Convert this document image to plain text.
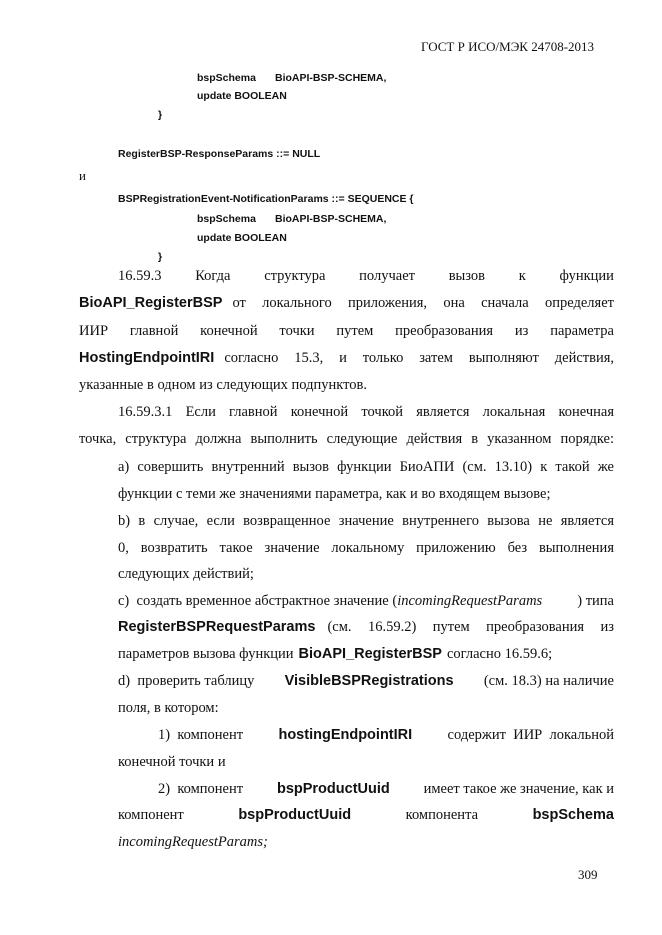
ГОСТ Р ИСО/МЭК 24708-2013
bspSchema BioAPI-BSP-SCHEMA,
update BOOLEAN
}
RegisterBSP-ResponseParams ::= NULL
и
BSPRegistrationEvent-NotificationParams ::= SEQUENCE {
bspSchema BioAPI-BSP-SCHEMA,
update BOOLEAN
}
16.59.3 Когда структура получает вызов к функции
BioAPI_RegisterBSP от локального приложения, она сначала определяет
ИИР главной конечной точки путем преобразования из параметра
HostingEndpointIRI согласно 15.3, и только затем выполняют действия,
указанные в одном из следующих подпунктов.
16.59.3.1 Если главной конечной точкой является локальная конечная
точка, структура должна выполнить следующие действия в указанном порядке:
а) совершить внутренний вызов функции БиоАПИ (см. 13.10) к такой же
функции с теми же значениями параметра, как и во входящем вызове;
b) в случае, если возвращенное значение внутреннего вызова не является
0, возвратить такое значение локальному приложению без выполнения
следующих действий;
с)  создать временное абстрактное значение ( incomingRequestParams ) типа
RegisterBSPRequestParams (см. 16.59.2) путем преобразования из
параметров вызова функции BioAPI_RegisterBSP согласно 16.59.6;
d)  проверить таблицу VisibleBSPRegistrations (см. 18.3) на наличие
поля, в котором:
1)  компонент hostingEndpointIRI содержит  ИИР  локальной
конечной точки и
2)  компонент bspProductUuid имеет такое же значение, как и
компонент	bspProductUuid	компонента	bspSchema
incomingRequestParams;
309
